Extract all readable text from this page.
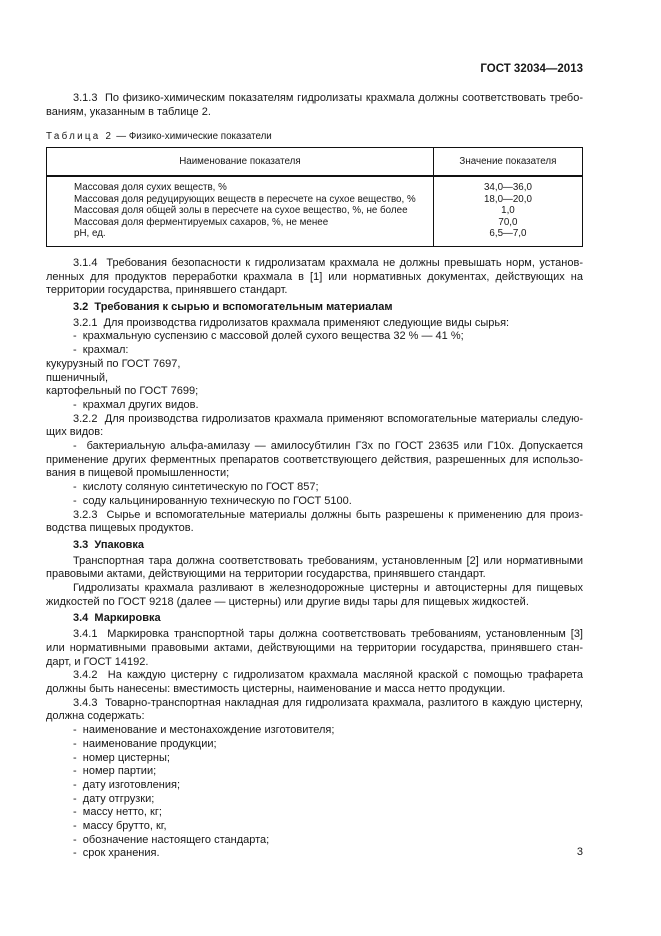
ГОСТ 32034—2013

3.1.3  По физико-химическим показателям гидролизаты крахмала должны соответствовать требованиям, указанным в таблице 2.

Таблица 2 — Физико-химические показатели

Наименование показателя	Значение показателя
Массовая доля сухих веществ, %	34,0—36,0
Массовая доля редуцирующих веществ в пересчете на сухое вещество, %	18,0—20,0
Массовая доля общей золы в пересчете на сухое вещество, %, не более	1,0
Массовая доля ферментируемых сахаров, %, не менее	70,0
pH, ед.	6,5—7,0

3.1.4  Требования безопасности к гидролизатам крахмала не должны превышать норм, установленных для продуктов переработки крахмала в [1] или нормативных документах, действующих на территории государства, принявшего стандарт.

3.2  Требования к сырью и вспомогательным материалам

3.2.1  Для производства гидролизатов крахмала применяют следующие виды сырья:

-  крахмальную суспензию с массовой долей сухого вещества 32 % — 41 %;

-  крахмал:

кукурузный по ГОСТ 7697,

пшеничный,

картофельный по ГОСТ 7699;

-  крахмал других видов.

3.2.2  Для производства гидролизатов крахмала применяют вспомогательные материалы следующих видов:

-  бактериальную альфа-амилазу — амилосубтилин Г3х по ГОСТ 23635 или Г10х. Допускается применение других ферментных препаратов соответствующего действия, разрешенных для использования в пищевой промышленности;

-  кислоту соляную синтетическую по ГОСТ 857;

-  соду кальцинированную техническую по ГОСТ 5100.

3.2.3  Сырье и вспомогательные материалы должны быть разрешены к применению для производства пищевых продуктов.

3.3  Упаковка

Транспортная тара должна соответствовать требованиям, установленным [2] или нормативными правовыми актами, действующими на территории государства, принявшего стандарт.

Гидролизаты крахмала разливают в железнодорожные цистерны и автоцистерны для пищевых жидкостей по ГОСТ 9218 (далее — цистерны) или другие виды тары для пищевых жидкостей.

3.4  Маркировка

3.4.1  Маркировка транспортной тары должна соответствовать требованиям, установленным [3] или нормативными правовыми актами, действующими на территории государства, принявшего стандарт, и ГОСТ 14192.

3.4.2  На каждую цистерну с гидролизатом крахмала масляной краской с помощью трафарета должны быть нанесены: вместимость цистерны, наименование и масса нетто продукции.

3.4.3  Товарно-транспортная накладная для гидролизата крахмала, разлитого в каждую цистерну, должна содержать:

-  наименование и местонахождение изготовителя;

-  наименование продукции;

-  номер цистерны;

-  номер партии;

-  дату изготовления;

-  дату отгрузки;

-  массу нетто, кг;

-  массу брутто, кг,

-  обозначение настоящего стандарта;

-  срок хранения.	3
